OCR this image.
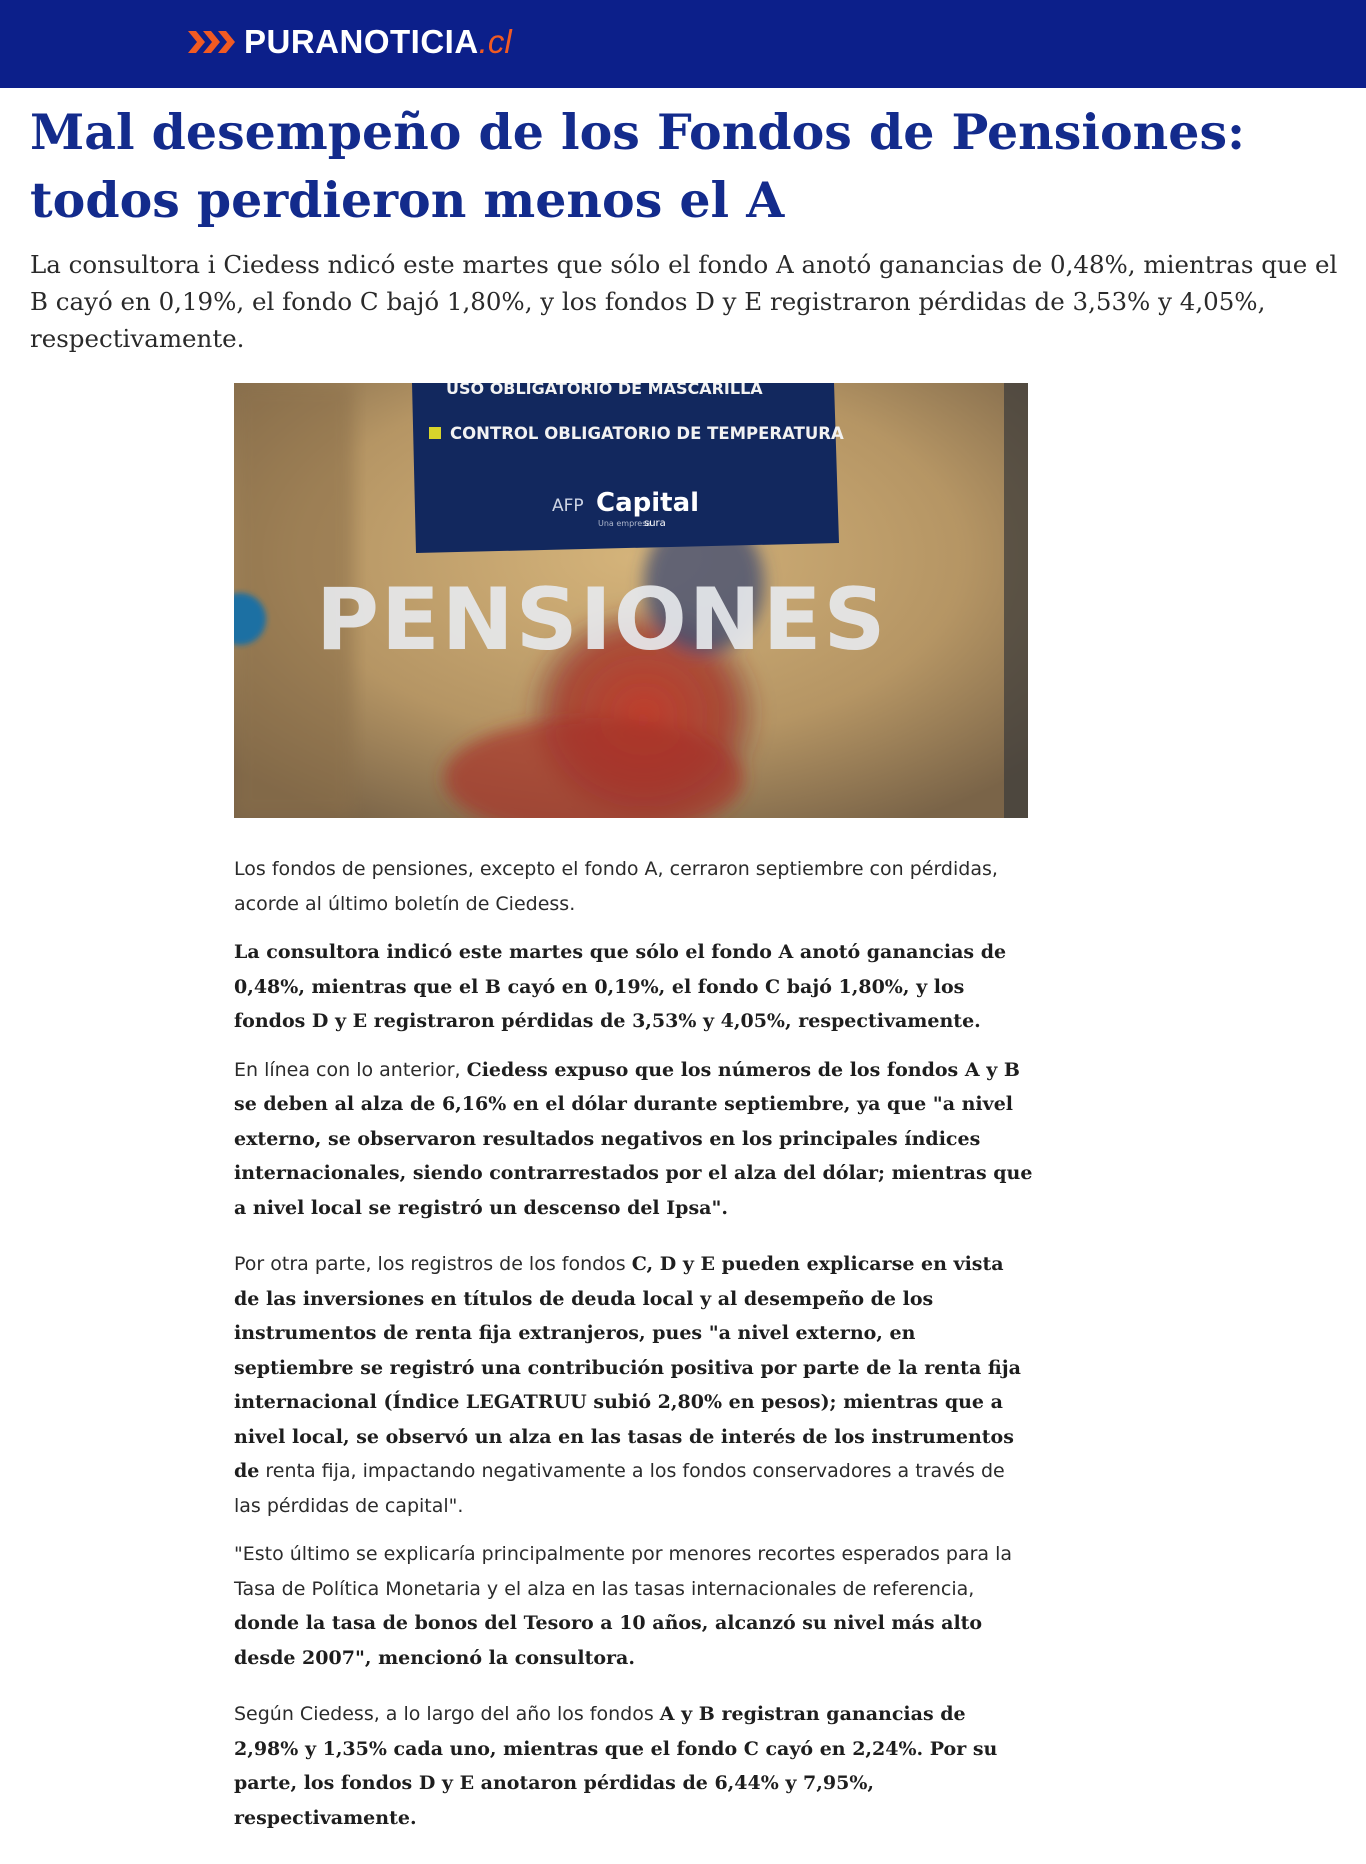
PURANOTICIA .cl
Mal desempeño de los Fondos de Pensiones: todos perdieron menos el A

La consultora i Ciedess ndicó este martes que sólo el fondo A anotó ganancias de 0,48%, mientras que el B cayó en 0,19%, el fondo C bajó 1,80%, y los fondos D y E registraron pérdidas de 3,53% y 4,05%, respectivamente.

USO OBLIGATORIO DE MASCARILLA
CONTROL OBLIGATORIO DE TEMPERATURA
AFP Capital
Una empresa
sura
PENSIONES

Los fondos de pensiones, excepto el fondo A, cerraron septiembre con pérdidas, acorde al último boletín de Ciedess.

La consultora indicó este martes que sólo el fondo A anotó ganancias de 0,48%, mientras que el B cayó en 0,19%, el fondo C bajó 1,80%, y los fondos D y E registraron pérdidas de 3,53% y 4,05%, respectivamente.

En línea con lo anterior, Ciedess expuso que los números de los fondos A y B se deben al alza de 6,16% en el dólar durante septiembre, ya que "a nivel externo, se observaron resultados negativos en los principales índices internacionales, siendo contrarrestados por el alza del dólar; mientras que a nivel local se registró un descenso del Ipsa".

Por otra parte, los registros de los fondos C, D y E pueden explicarse en vista de las inversiones en títulos de deuda local y al desempeño de los instrumentos de renta fija extranjeros, pues "a nivel externo, en septiembre se registró una contribución positiva por parte de la renta fija internacional (Índice LEGATRUU subió 2,80% en pesos); mientras que a nivel local, se observó un alza en las tasas de interés de los instrumentos de renta fija, impactando negativamente a los fondos conservadores a través de las pérdidas de capital".

"Esto último se explicaría principalmente por menores recortes esperados para la Tasa de Política Monetaria y el alza en las tasas internacionales de referencia, donde la tasa de bonos del Tesoro a 10 años, alcanzó su nivel más alto desde 2007", mencionó la consultora.

Según Ciedess, a lo largo del año los fondos A y B registran ganancias de 2,98% y 1,35% cada uno, mientras que el fondo C cayó en 2,24%. Por su parte, los fondos D y E anotaron pérdidas de 6,44% y 7,95%, respectivamente.
